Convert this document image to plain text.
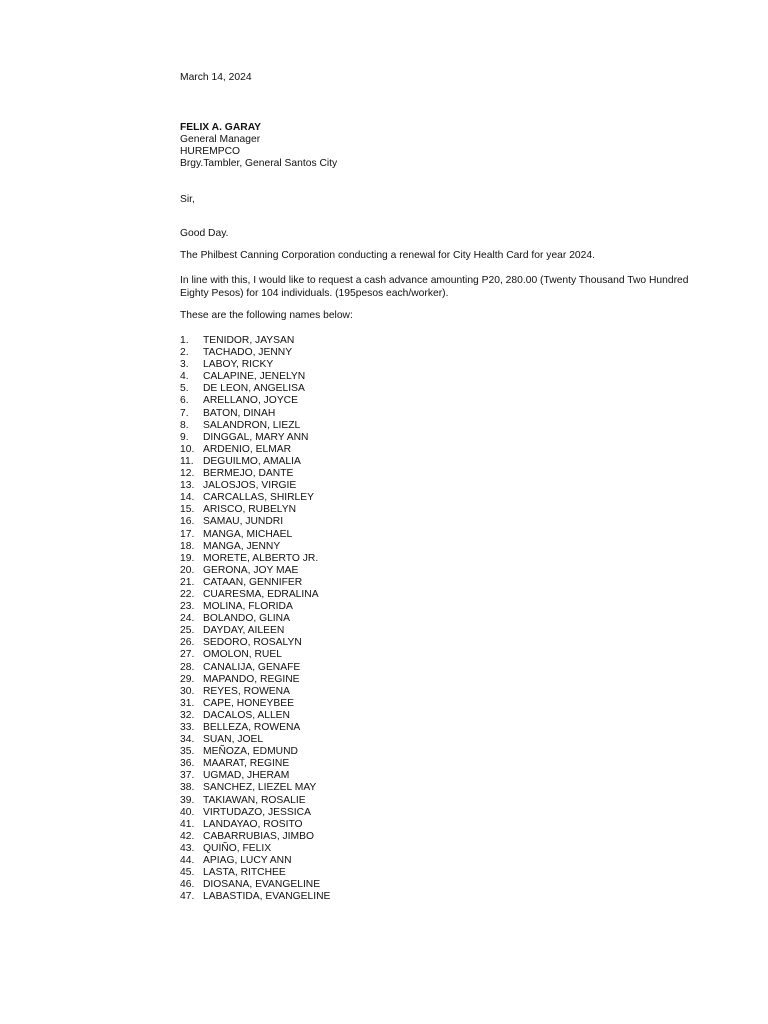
March 14, 2024
FELIX A. GARAY
General Manager
HUREMPCO
Brgy.Tambler, General Santos City
Sir,
Good Day.
The Philbest Canning Corporation conducting a renewal for City Health Card for year 2024.
In line with this, I would like to request a cash advance amounting P20, 280.00 (Twenty Thousand Two Hundred Eighty Pesos) for 104 individuals. (195pesos each/worker).
These are the following names below:
1.	TENIDOR, JAYSAN
2.	TACHADO, JENNY
3.	LABOY, RICKY
4.	CALAPINE, JENELYN
5.	DE LEON, ANGELISA
6.	ARELLANO, JOYCE
7.	BATON, DINAH
8.	SALANDRON, LIEZL
9.	DINGGAL, MARY ANN
10. ARDENIO, ELMAR
11. DEGUILMO, AMALIA
12. BERMEJO, DANTE
13. JALOSJOS, VIRGIE
14. CARCALLAS, SHIRLEY
15. ARISCO, RUBELYN
16. SAMAU, JUNDRI
17. MANGA, MICHAEL
18. MANGA, JENNY
19. MORETE, ALBERTO JR.
20. GERONA, JOY MAE
21. CATAAN, GENNIFER
22. CUARESMA, EDRALINA
23. MOLINA, FLORIDA
24. BOLANDO, GLINA
25. DAYDAY, AILEEN
26. SEDORO, ROSALYN
27. OMOLON, RUEL
28. CANALIJA, GENAFE
29. MAPANDO, REGINE
30. REYES, ROWENA
31. CAPE, HONEYBEE
32. DACALOS, ALLEN
33. BELLEZA, ROWENA
34. SUAN, JOEL
35. MEÑOZA, EDMUND
36. MAARAT, REGINE
37. UGMAD, JHERAM
38. SANCHEZ, LIEZEL MAY
39. TAKIAWAN, ROSALIE
40. VIRTUDAZO, JESSICA
41. LANDAYAO, ROSITO
42. CABARRUBIAS, JIMBO
43. QUIÑO, FELIX
44. APIAG, LUCY ANN
45. LASTA, RITCHEE
46. DIOSANA, EVANGELINE
47. LABASTIDA, EVANGELINE
